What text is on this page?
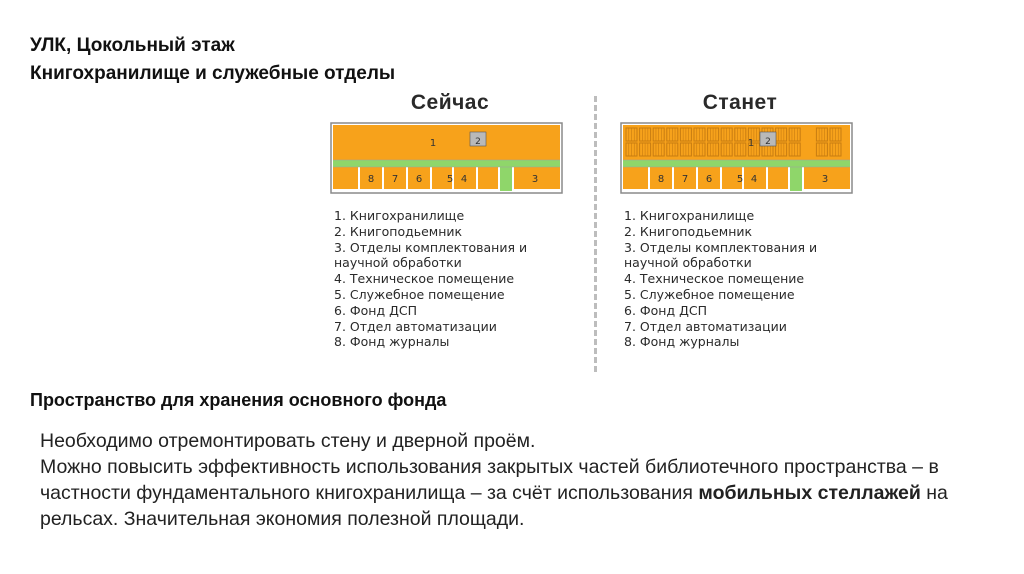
УЛК, Цокольный этаж
Книгохранилище и служебные отделы
Сейчас
1	2
8 7 6 5 4	3
1. Книгохранилище
2. Книгоподьемник
3. Отделы комплектования и
научной обработки
4. Техническое помещение
5. Служебное помещение
6. Фонд ДСП
7. Отдел автоматизации
8. Фонд журналы
Станет
1 2
8 7 6 5 4	3
1. Книгохранилище
2. Книгоподьемник
3. Отделы комплектования и
научной обработки
4. Техническое помещение
5. Служебное помещение
6. Фонд ДСП
7. Отдел автоматизации
8. Фонд журналы
Пространство для хранения основного фонда

Необходимо отремонтировать стену и дверной проём.

Можно повысить эффективность использования закрытых частей библиотечного пространства – в частности фундаментального книгохранилища – за счёт использования мобильных стеллажей на рельсах. Значительная экономия полезной площади.
